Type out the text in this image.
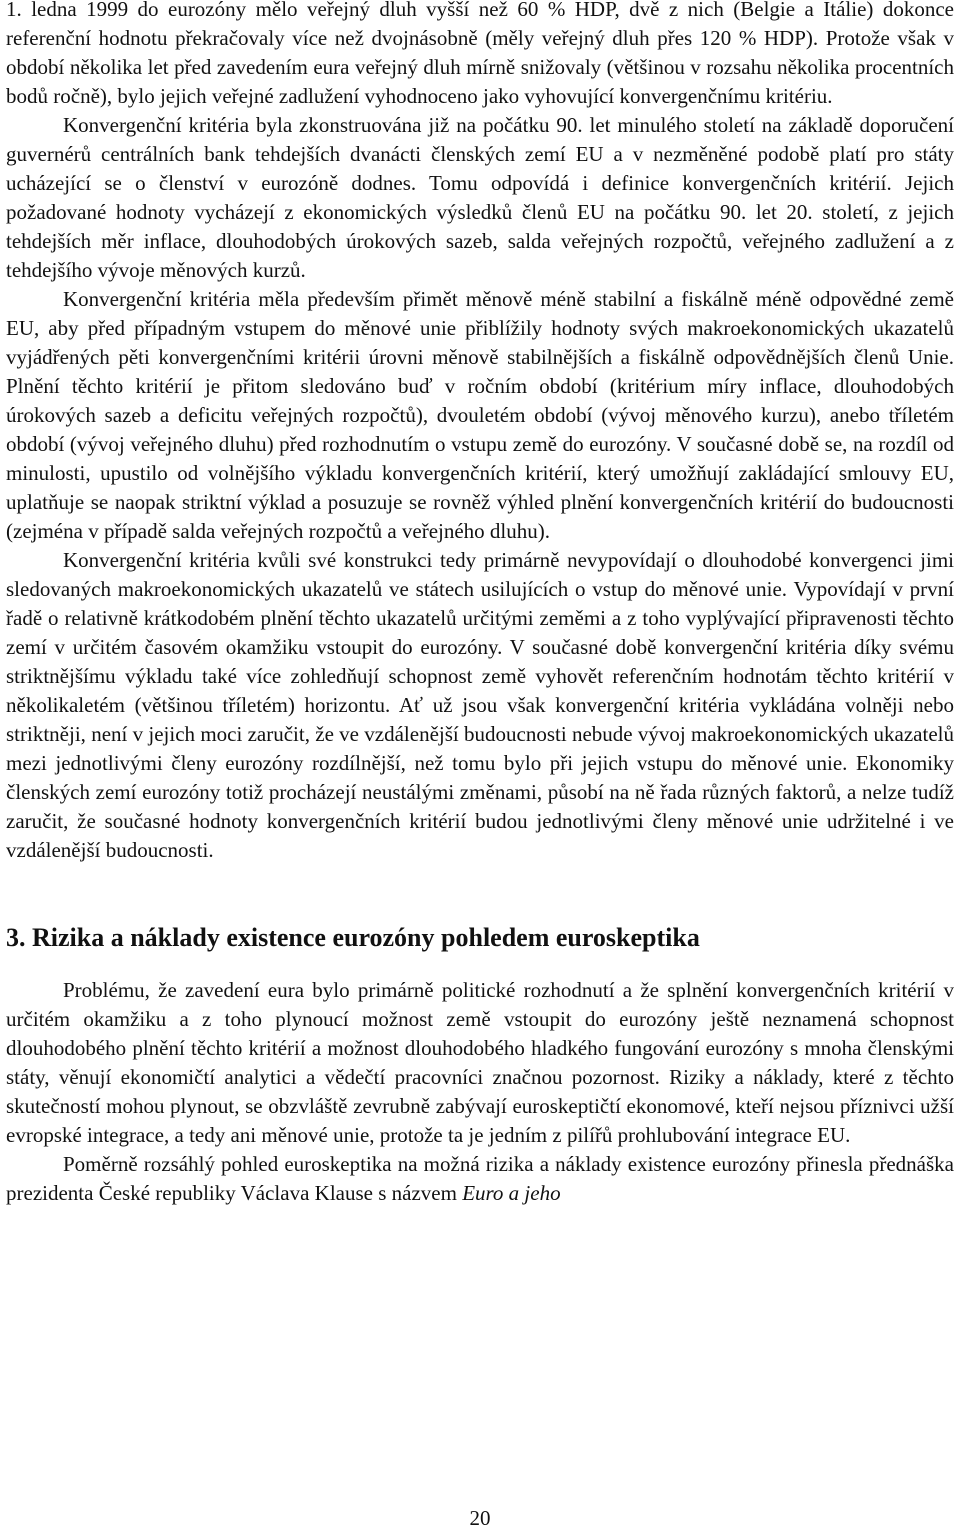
1. ledna 1999 do eurozóny mělo veřejný dluh vyšší než 60 % HDP, dvě z nich (Belgie a Itálie) dokonce referenční hodnotu překračovaly více než dvojnásobně (měly veřejný dluh přes 120 % HDP). Protože však v období několika let před zavedením eura veřejný dluh mírně snižovaly (většinou v rozsahu několika procentních bodů ročně), bylo jejich veřejné zadlužení vyhodnoceno jako vyhovující konvergenčnímu kritériu.

Konvergenční kritéria byla zkonstruována již na počátku 90. let minulého století na základě doporučení guvernérů centrálních bank tehdejších dvanácti členských zemí EU a v nezměněné podobě platí pro státy ucházející se o členství v eurozóně dodnes. Tomu odpovídá i definice konvergenčních kritérií. Jejich požadované hodnoty vycházejí z ekonomických výsledků členů EU na počátku 90. let 20. století, z jejich tehdejších měr inflace, dlouhodobých úrokových sazeb, salda veřejných rozpočtů, veřejného zadlužení a z tehdejšího vývoje měnových kurzů.

Konvergenční kritéria měla především přimět měnově méně stabilní a fiskálně méně odpovědné země EU, aby před případným vstupem do měnové unie přiblížily hodnoty svých makroekonomických ukazatelů vyjádřených pěti konvergenčními kritérii úrovni měnově stabilnějších a fiskálně odpovědnějších členů Unie. Plnění těchto kritérií je přitom sledováno buď v ročním období (kritérium míry inflace, dlouhodobých úrokových sazeb a deficitu veřejných rozpočtů), dvouletém období (vývoj měnového kurzu), anebo tříletém období (vývoj veřejného dluhu) před rozhodnutím o vstupu země do eurozóny. V současné době se, na rozdíl od minulosti, upustilo od volnějšího výkladu konvergenčních kritérií, který umožňují zakládající smlouvy EU, uplatňuje se naopak striktní výklad a posuzuje se rovněž výhled plnění konvergenčních kritérií do budoucnosti (zejména v případě salda veřejných rozpočtů a veřejného dluhu).

Konvergenční kritéria kvůli své konstrukci tedy primárně nevypovídají o dlouhodobé konvergenci jimi sledovaných makroekonomických ukazatelů ve státech usilujících o vstup do měnové unie. Vypovídají v první řadě o relativně krátkodobém plnění těchto ukazatelů určitými zeměmi a z toho vyplývající připravenosti těchto zemí v určitém časovém okamžiku vstoupit do eurozóny. V současné době konvergenční kritéria díky svému striktnějšímu výkladu také více zohledňují schopnost země vyhovět referenčním hodnotám těchto kritérií v několikaletém (většinou tříletém) horizontu. Ať už jsou však konvergenční kritéria vykládána volněji nebo striktněji, není v jejich moci zaručit, že ve vzdálenější budoucnosti nebude vývoj makroekonomických ukazatelů mezi jednotlivými členy eurozóny rozdílnější, než tomu bylo při jejich vstupu do měnové unie. Ekonomiky členských zemí eurozóny totiž procházejí neustálými změnami, působí na ně řada různých faktorů, a nelze tudíž zaručit, že současné hodnoty konvergenčních kritérií budou jednotlivými členy měnové unie udržitelné i ve vzdálenější budoucnosti.

3. Rizika a náklady existence eurozóny pohledem euroskeptika

Problému, že zavedení eura bylo primárně politické rozhodnutí a že splnění konvergenčních kritérií v určitém okamžiku a z toho plynoucí možnost země vstoupit do eurozóny ještě neznamená schopnost dlouhodobého plnění těchto kritérií a možnost dlouhodobého hladkého fungování eurozóny s mnoha členskými státy, věnují ekonomičtí analytici a vědečtí pracovníci značnou pozornost. Riziky a náklady, které z těchto skutečností mohou plynout, se obzvláště zevrubně zabývají euroskeptičtí ekonomové, kteří nejsou příznivci užší evropské integrace, a tedy ani měnové unie, protože ta je jedním z pilířů prohlubování integrace EU.

Poměrně rozsáhlý pohled euroskeptika na možná rizika a náklady existence eurozóny přinesla přednáška prezidenta České republiky Václava Klause s názvem Euro a jeho

20
